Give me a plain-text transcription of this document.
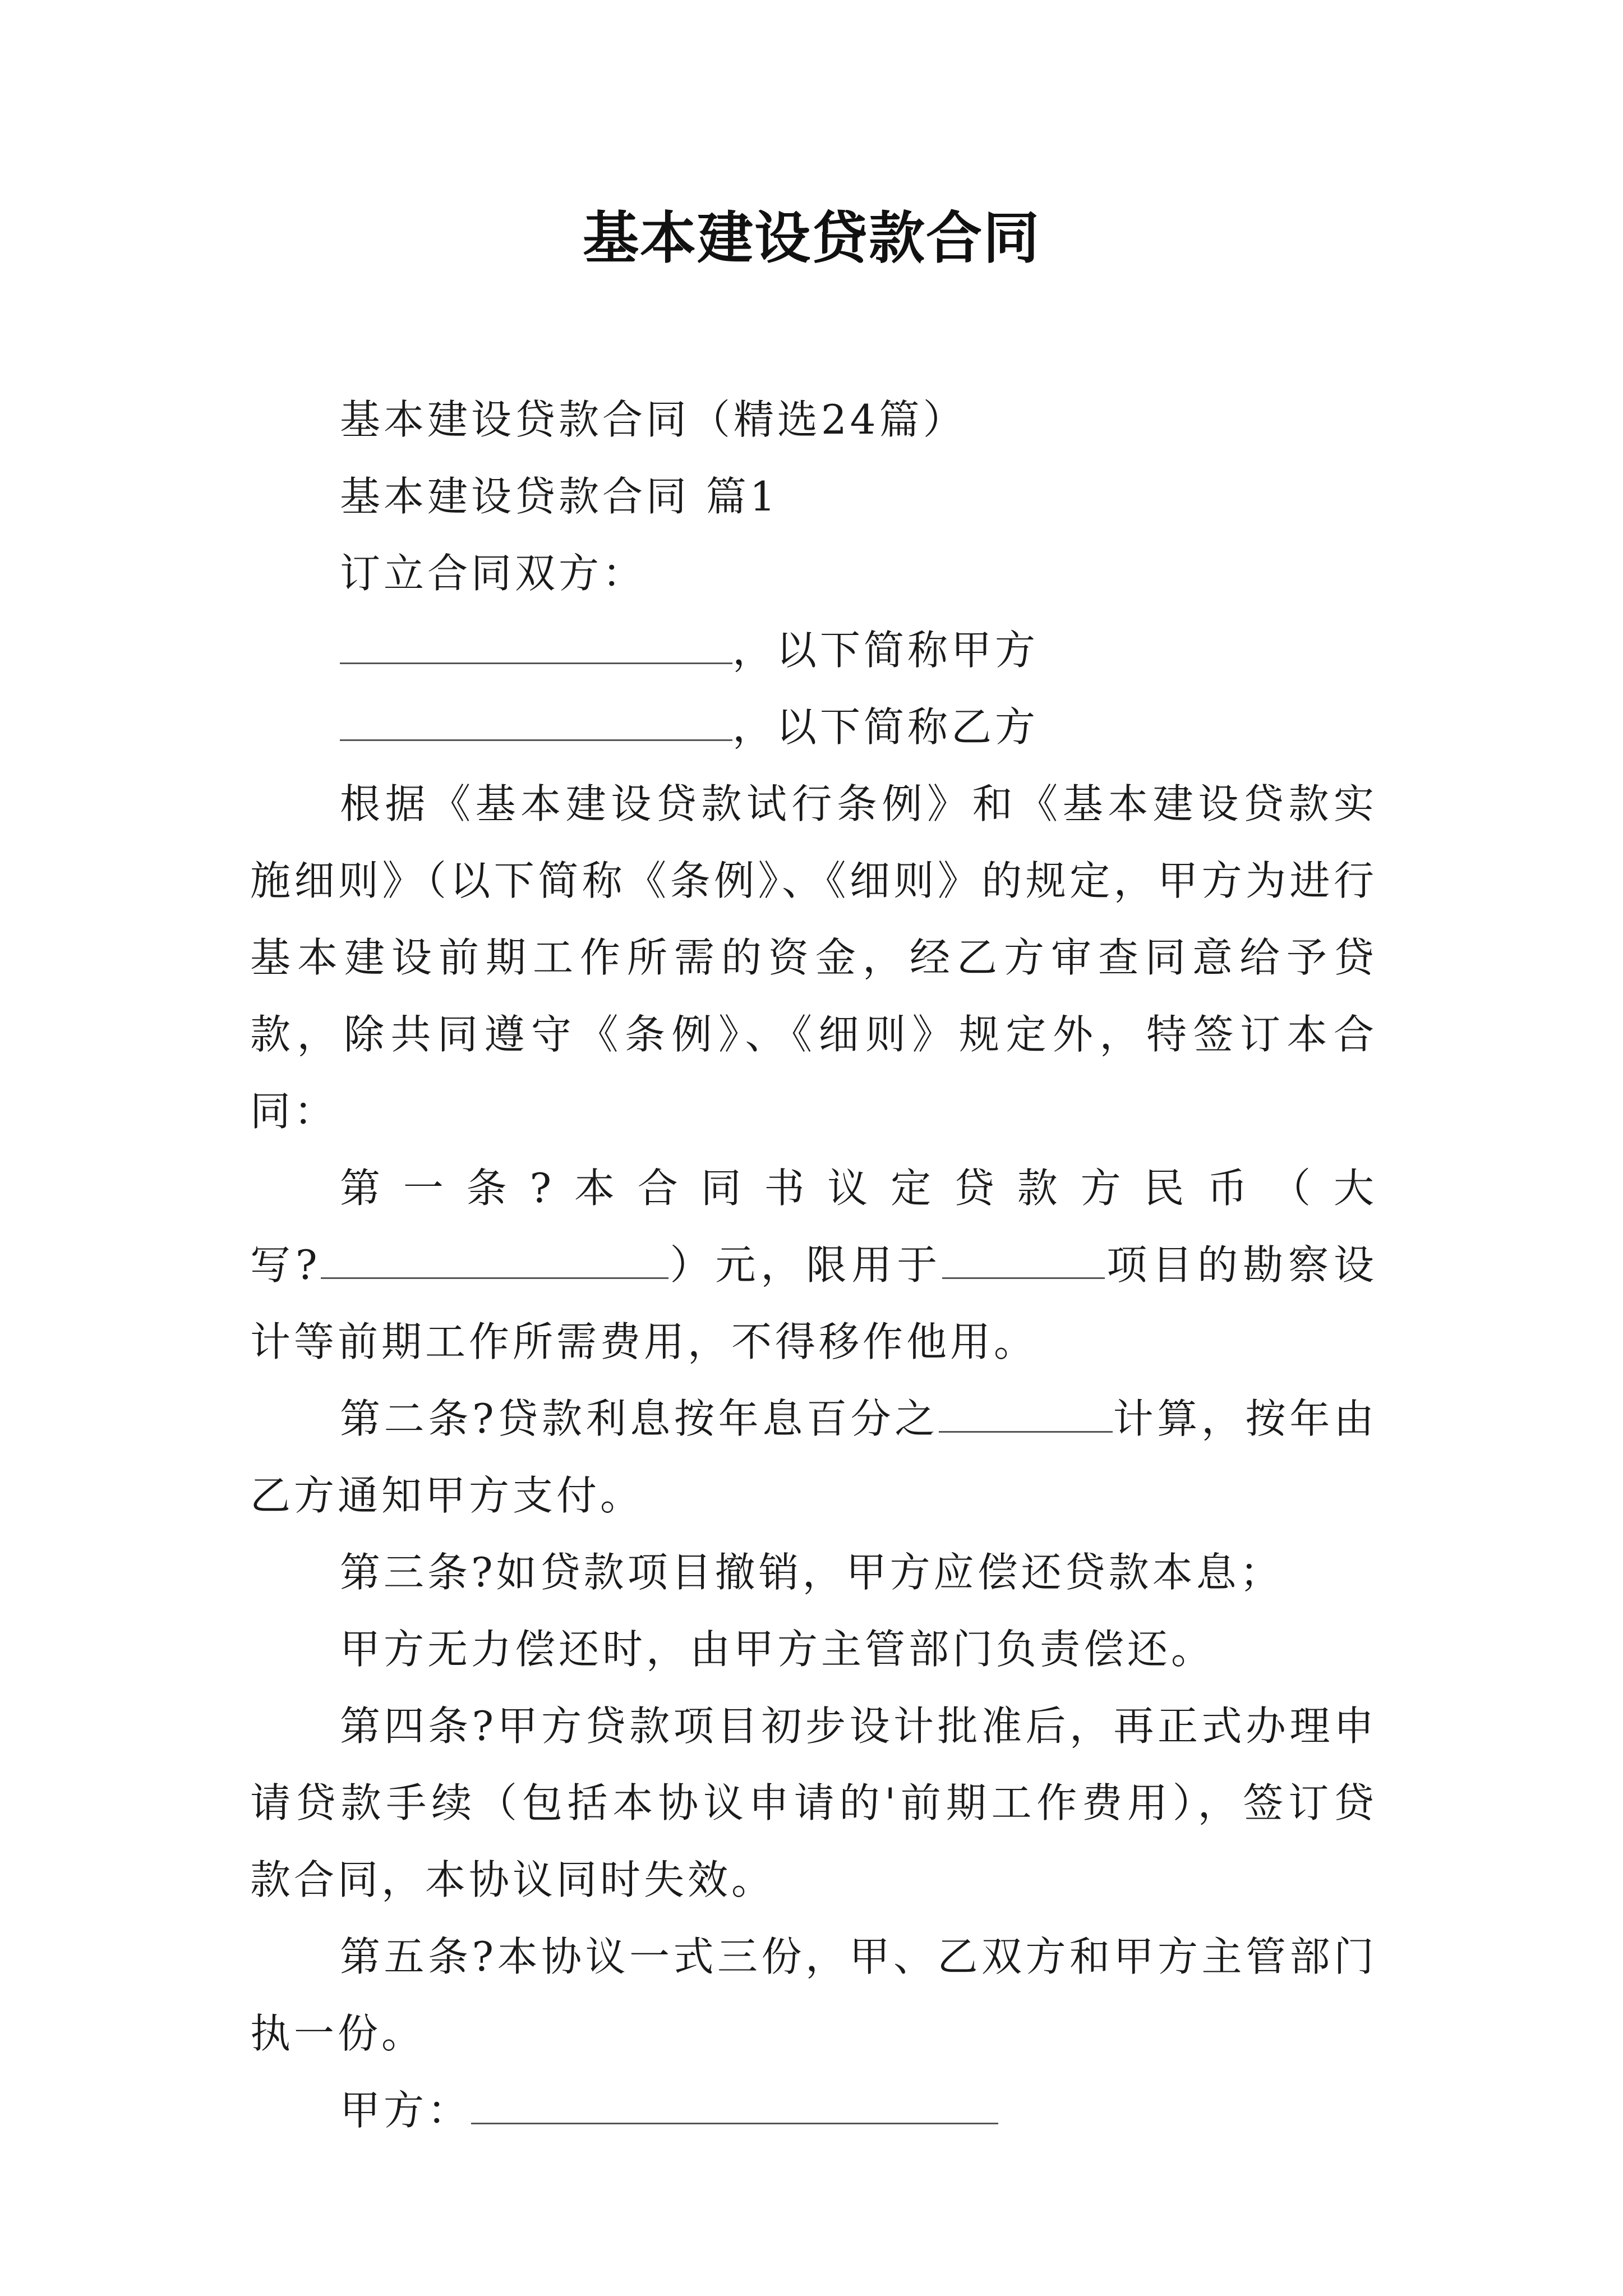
基本建设贷款合同

基本建设贷款合同（精选24篇）

基本建设贷款合同 篇1

订立合同双方：

，以下简称甲方

，以下简称乙方

根据《基本建设贷款试行条例》和《基本建设贷款实施细则》（以下简称《条例》、《细则》的规定，甲方为进行基本建设前期工作所需的资金，经乙方审查同意给予贷款，除共同遵守《条例》、《细则》规定外，特签订本合同：

第一条?本合同书议定贷款方民币（大

写?	）元，限用于	项目的勘察设计等前期工作所需费用，不得移作他用。

第二条?贷款利息按年息百分之	计算，按年由乙方通知甲方支付。

第三条?如贷款项目撤销，甲方应偿还贷款本息；

甲方无力偿还时，由甲方主管部门负责偿还。

第四条?甲方贷款项目初步设计批准后，再正式办理申请贷款手续（包括本协议申请的'前期工作费用），签订贷款合同，本协议同时失效。

第五条?本协议一式三份，甲、乙双方和甲方主管部门执一份。

甲方：
